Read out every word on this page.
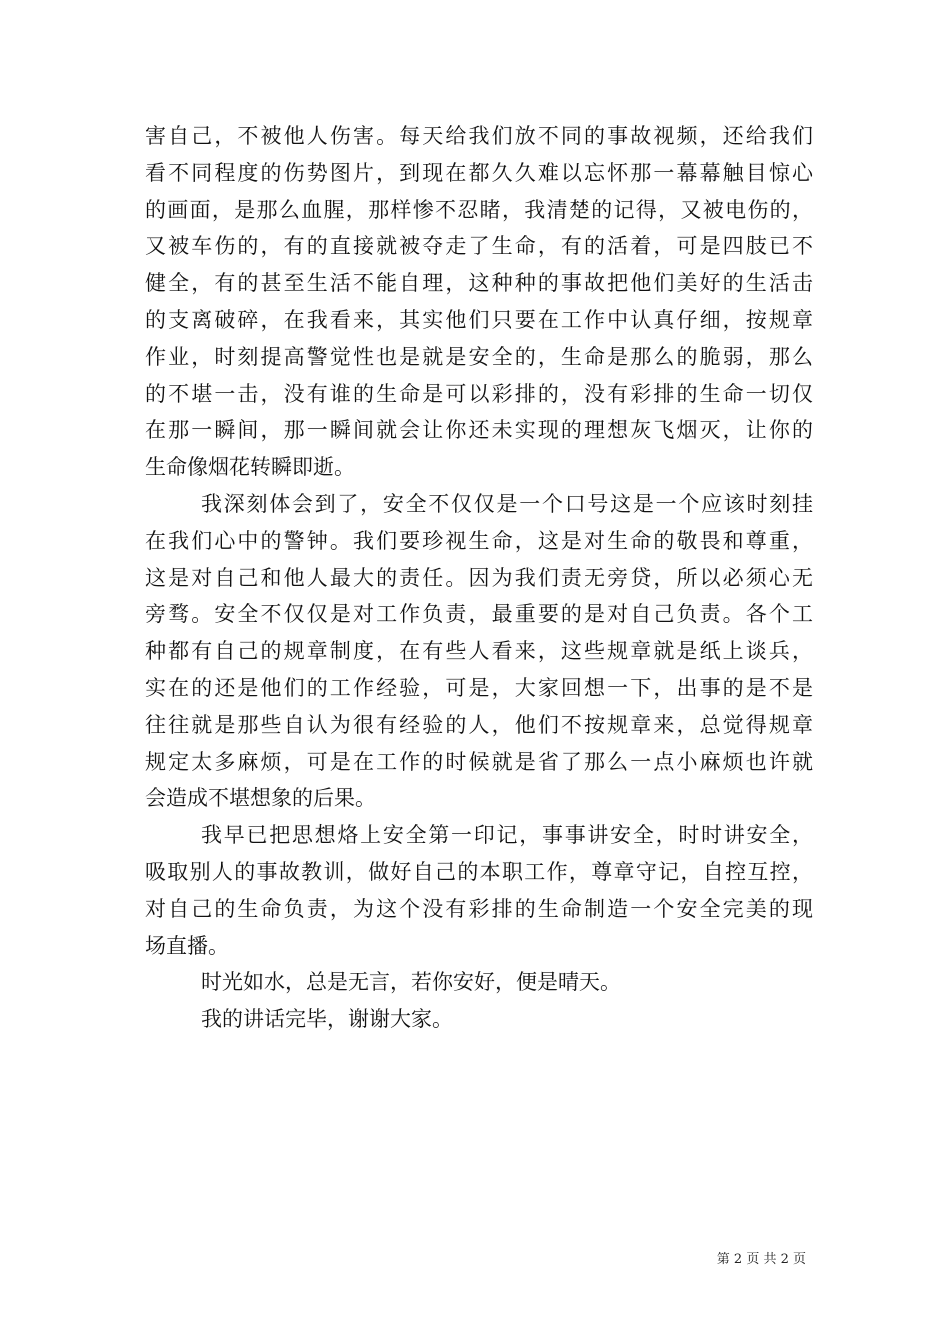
害自己，不被他人伤害。每天给我们放不同的事故视频，还给我们
看不同程度的伤势图片，到现在都久久难以忘怀那一幕幕触目惊心
的画面，是那么血腥，那样惨不忍睹，我清楚的记得，又被电伤的，
又被车伤的，有的直接就被夺走了生命，有的活着，可是四肢已不
健全，有的甚至生活不能自理，这种种的事故把他们美好的生活击
的支离破碎，在我看来，其实他们只要在工作中认真仔细，按规章
作业，时刻提高警觉性也是就是安全的，生命是那么的脆弱，那么
的不堪一击，没有谁的生命是可以彩排的，没有彩排的生命一切仅
在那一瞬间，那一瞬间就会让你还未实现的理想灰飞烟灭，让你的
生命像烟花转瞬即逝。
我深刻体会到了，安全不仅仅是一个口号这是一个应该时刻挂
在我们心中的警钟。我们要珍视生命，这是对生命的敬畏和尊重，
这是对自己和他人最大的责任。因为我们责无旁贷，所以必须心无
旁骛。安全不仅仅是对工作负责，最重要的是对自己负责。各个工
种都有自己的规章制度，在有些人看来，这些规章就是纸上谈兵，
实在的还是他们的工作经验，可是，大家回想一下，出事的是不是
往往就是那些自认为很有经验的人，他们不按规章来，总觉得规章
规定太多麻烦，可是在工作的时候就是省了那么一点小麻烦也许就
会造成不堪想象的后果。
我早已把思想烙上安全第一印记，事事讲安全，时时讲安全，
吸取别人的事故教训，做好自己的本职工作，尊章守记，自控互控，
对自己的生命负责，为这个没有彩排的生命制造一个安全完美的现
场直播。
时光如水，总是无言，若你安好，便是晴天。
我的讲话完毕，谢谢大家。
第 2 页 共 2 页
